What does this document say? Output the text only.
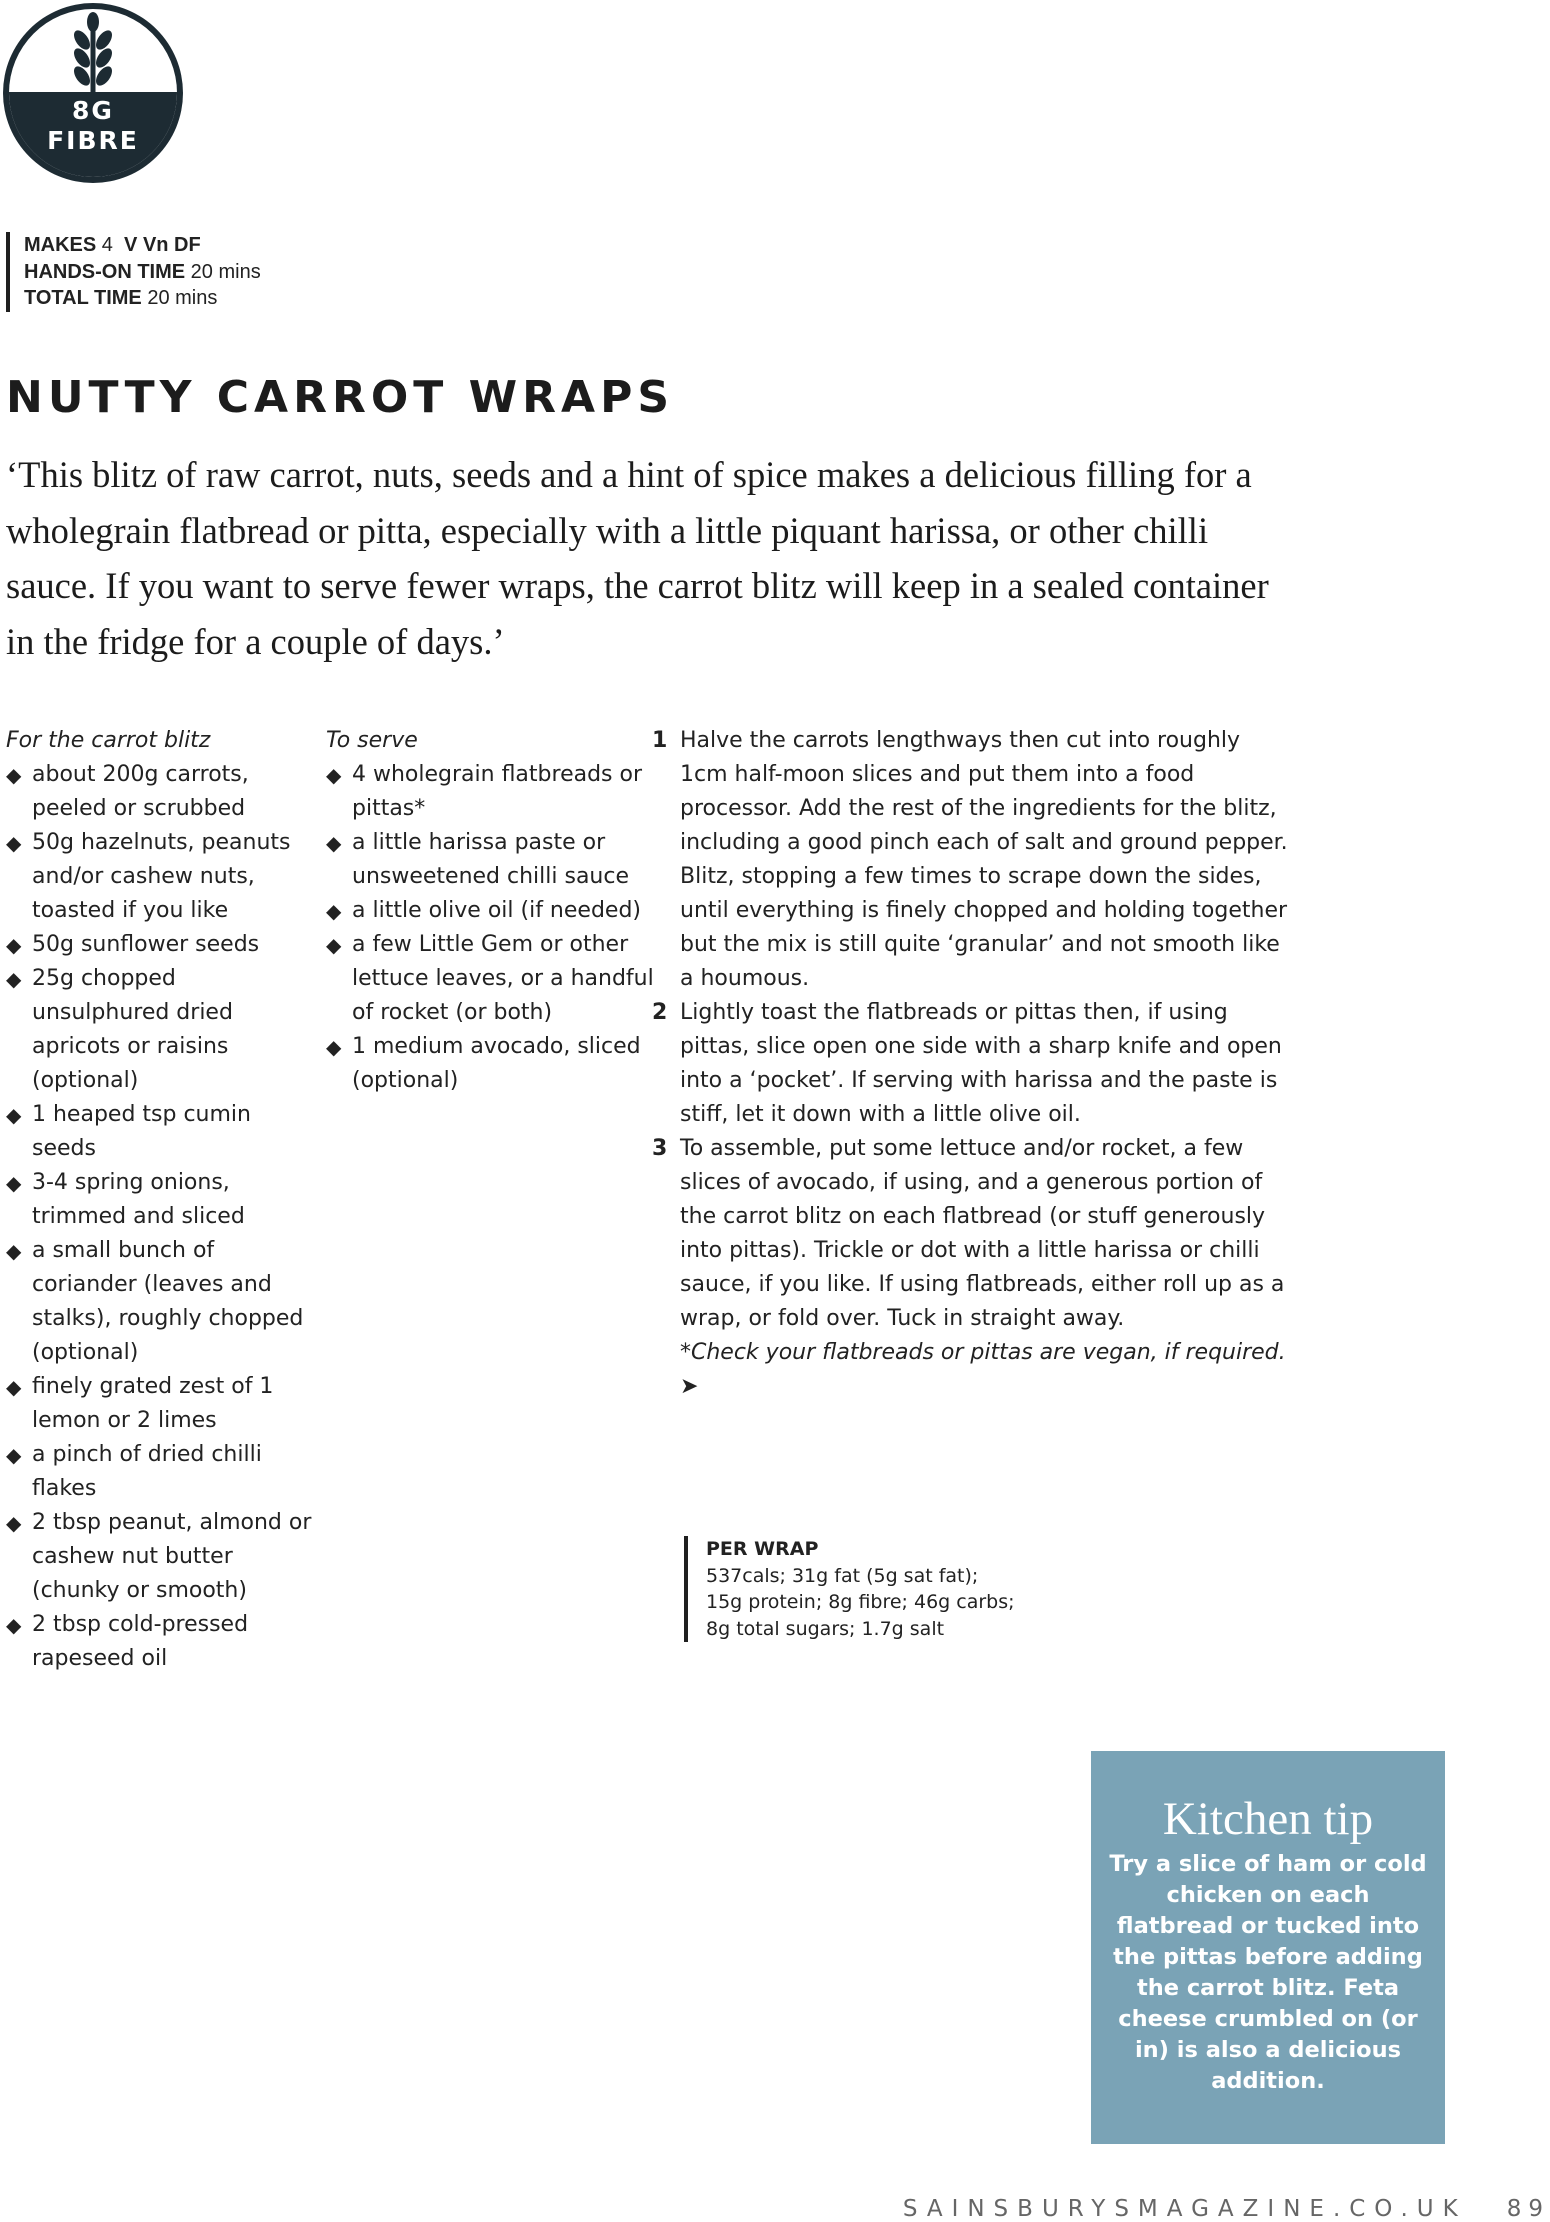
8G
FIBRE
MAKES 4 V Vn DF
HANDS-ON TIME 20 mins
TOTAL TIME 20 mins
NUTTY CARROT WRAPS

‘This blitz of raw carrot, nuts, seeds and a hint of spice makes a delicious filling for a wholegrain flatbread or pitta, especially with a little piquant harissa, or other chilli sauce. If you want to serve fewer wraps, the carrot blitz will keep in a sealed container in the fridge for a couple of days.’

For the carrot blitz
◆ about 200g carrots, peeled or scrubbed
◆ 50g hazelnuts, peanuts and/or cashew nuts, toasted if you like
◆ 50g sunflower seeds
◆ 25g chopped unsulphured dried apricots or raisins (optional)
◆ 1 heaped tsp cumin seeds
◆ 3-4 spring onions, trimmed and sliced
◆ a small bunch of coriander (leaves and stalks), roughly chopped (optional)
◆ finely grated zest of 1 lemon or 2 limes
◆ a pinch of dried chilli flakes
◆ 2 tbsp peanut, almond or cashew nut butter (chunky or smooth)
◆ 2 tbsp cold-pressed rapeseed oil
To serve
◆ 4 wholegrain flatbreads or pittas*
◆ a little harissa paste or unsweetened chilli sauce
◆ a little olive oil (if needed)
◆ a few Little Gem or other lettuce leaves, or a handful of rocket (or both)
◆ 1 medium avocado, sliced (optional)
1 Halve the carrots lengthways then cut into roughly 1cm half-moon slices and put them into a food processor. Add the rest of the ingredients for the blitz, including a good pinch each of salt and ground pepper. Blitz, stopping a few times to scrape down the sides, until everything is finely chopped and holding together but the mix is still quite ‘granular’ and not smooth like a houmous.
2 Lightly toast the flatbreads or pittas then, if using pittas, slice open one side with a sharp knife and open into a ‘pocket’. If serving with harissa and the paste is stiff, let it down with a little olive oil.
3 To assemble, put some lettuce and/or rocket, a few slices of avocado, if using, and a generous portion of the carrot blitz on each flatbread (or stuff generously into pittas). Trickle or dot with a little harissa or chilli sauce, if you like. If using flatbreads, either roll up as a wrap, or fold over. Tuck in straight away.
*Check your flatbreads or pittas are vegan, if required. ➤
PER WRAP
537cals; 31g fat (5g sat fat);
15g protein; 8g fibre; 46g carbs;
8g total sugars; 1.7g salt
Kitchen tip
Try a slice of ham or cold chicken on each flatbread or tucked into the pittas before adding the carrot blitz. Feta cheese crumbled on (or in) is also a delicious addition.
SAINSBURYSMAGAZINE.CO.UK 89
